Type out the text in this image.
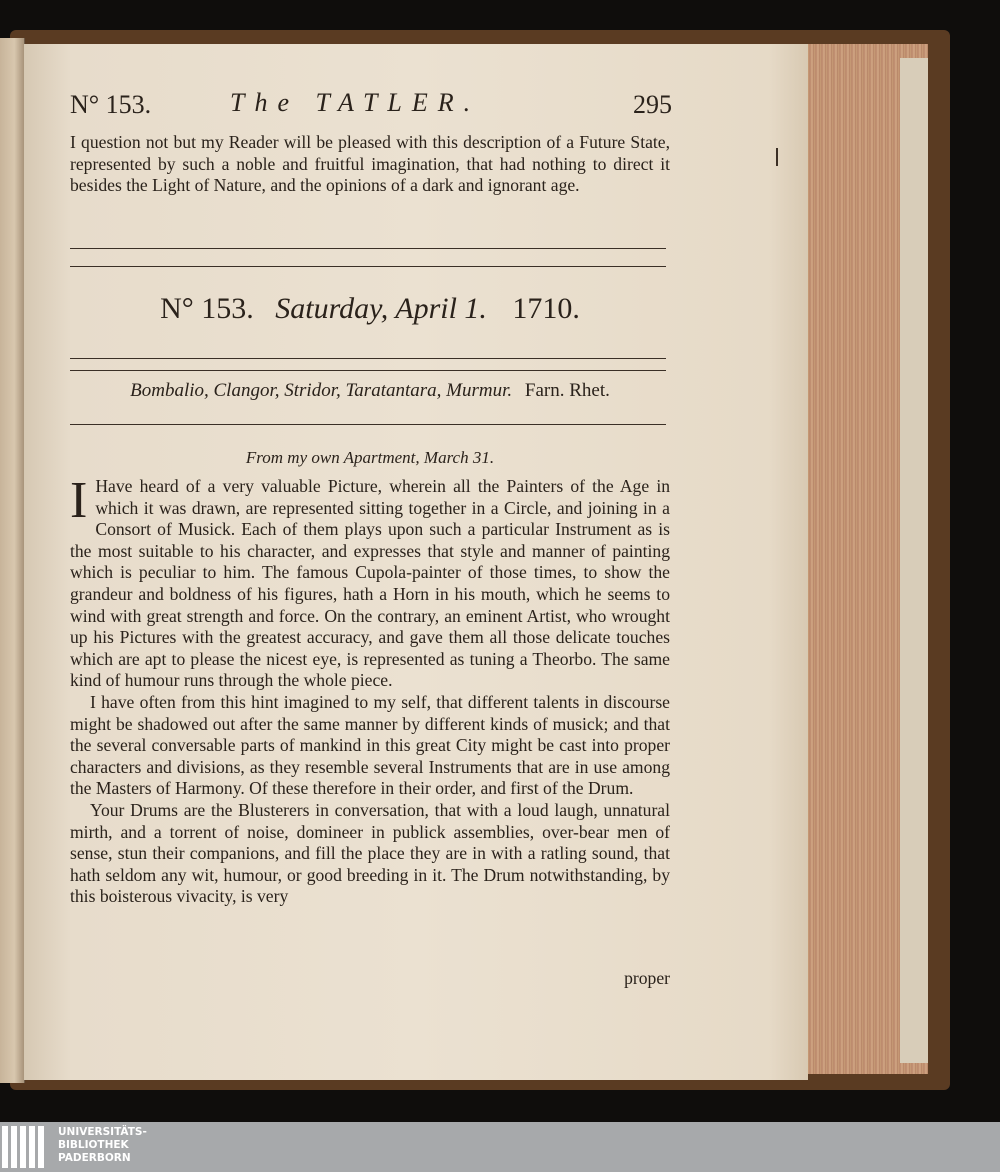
N° 153.	The TATLER.	295

I question not but my Reader will be pleased with this description of a Future State, represented by such a noble and fruitful imagination, that had nothing to direct it besides the Light of Nature, and the opinions of a dark and ignorant age.

N° 153. Saturday, April 1. 1710.
Bombalio, Clangor, Stridor, Taratantara, Murmur. Farn. Rhet.
From my own Apartment, March 31.

I Have heard of a very valuable Picture, wherein all the Painters of the Age in which it was drawn, are represented sitting together in a Circle, and joining in a Consort of Musick. Each of them plays upon such a particular Instrument as is the most suitable to his character, and expresses that style and manner of painting which is peculiar to him. The famous Cupola-painter of those times, to show the grandeur and boldness of his figures, hath a Horn in his mouth, which he seems to wind with great strength and force. On the contrary, an eminent Artist, who wrought up his Pictures with the greatest accuracy, and gave them all those delicate touches which are apt to please the nicest eye, is represented as tuning a Theorbo. The same kind of humour runs through the whole piece.

I have often from this hint imagined to my self, that different talents in discourse might be shadowed out after the same manner by different kinds of musick; and that the several conversable parts of mankind in this great City might be cast into proper characters and divisions, as they resemble several Instruments that are in use among the Masters of Harmony. Of these therefore in their order, and first of the Drum.

Your Drums are the Blusterers in conversation, that with a loud laugh, unnatural mirth, and a torrent of noise, domineer in publick assemblies, over-bear men of sense, stun their companions, and fill the place they are in with a ratling sound, that hath seldom any wit, humour, or good breeding in it. The Drum notwithstanding, by this boisterous vivacity, is very

proper
UNIVERSITÄTS-
BIBLIOTHEK
PADERBORN
